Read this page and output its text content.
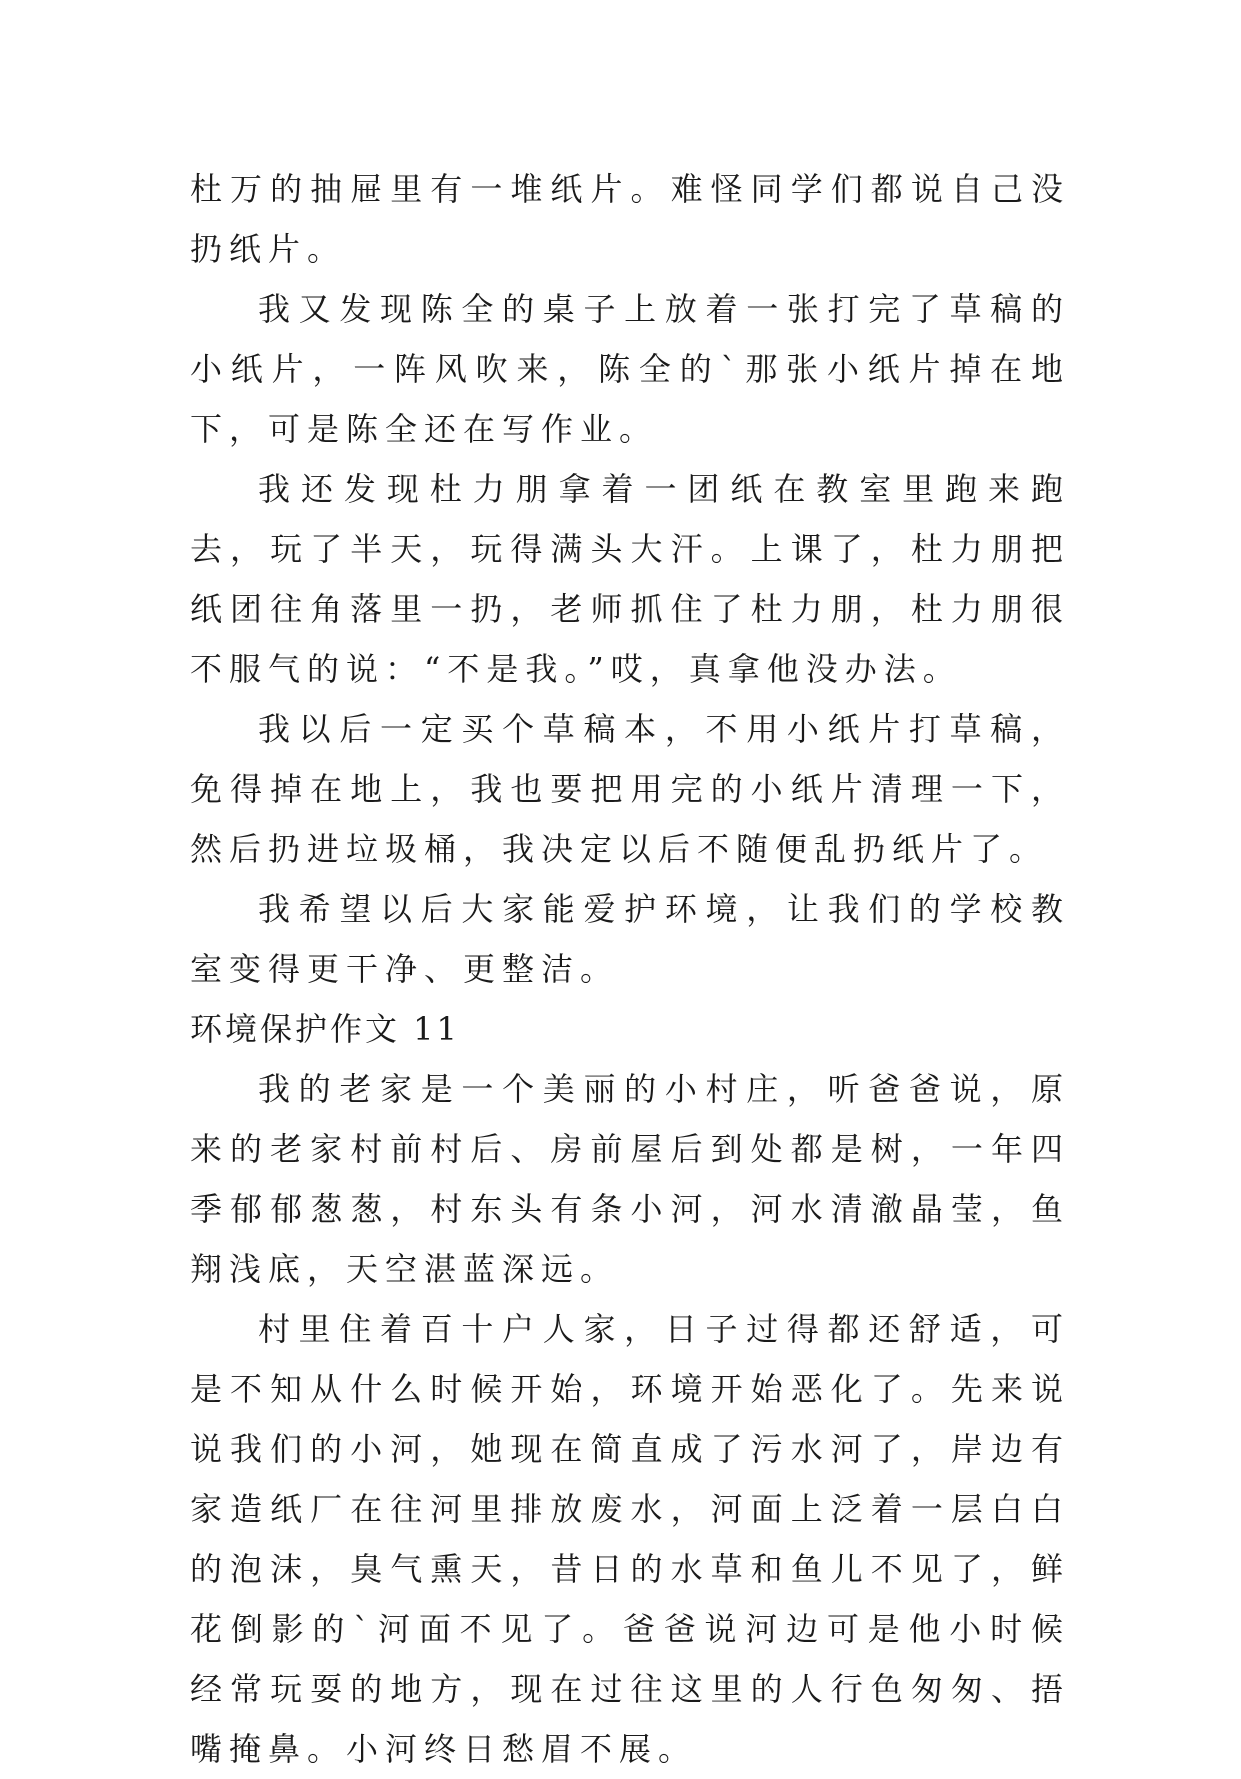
杜万的抽屉里有一堆纸片。难怪同学们都说自己没扔纸片。

我又发现陈全的桌子上放着一张打完了草稿的小纸片，一阵风吹来，陈全的`那张小纸片掉在地下，可是陈全还在写作业。

我还发现杜力朋拿着一团纸在教室里跑来跑去，玩了半天，玩得满头大汗。上课了，杜力朋把纸团往角落里一扔，老师抓住了杜力朋，杜力朋很不服气的说：“不是我。”哎，真拿他没办法。

我以后一定买个草稿本，不用小纸片打草稿，免得掉在地上，我也要把用完的小纸片清理一下，然后扔进垃圾桶，我决定以后不随便乱扔纸片了。

我希望以后大家能爱护环境，让我们的学校教室变得更干净、更整洁。

环境保护作文 11

我的老家是一个美丽的小村庄，听爸爸说，原来的老家村前村后、房前屋后到处都是树，一年四季郁郁葱葱，村东头有条小河，河水清澈晶莹，鱼翔浅底，天空湛蓝深远。

村里住着百十户人家，日子过得都还舒适，可是不知从什么时候开始，环境开始恶化了。先来说说我们的小河，她现在简直成了污水河了，岸边有家造纸厂在往河里排放废水，河面上泛着一层白白的泡沫，臭气熏天，昔日的水草和鱼儿不见了，鲜花倒影的`河面不见了。爸爸说河边可是他小时候经常玩耍的地方，现在过往这里的人行色匆匆、捂嘴掩鼻。小河终日愁眉不展。
